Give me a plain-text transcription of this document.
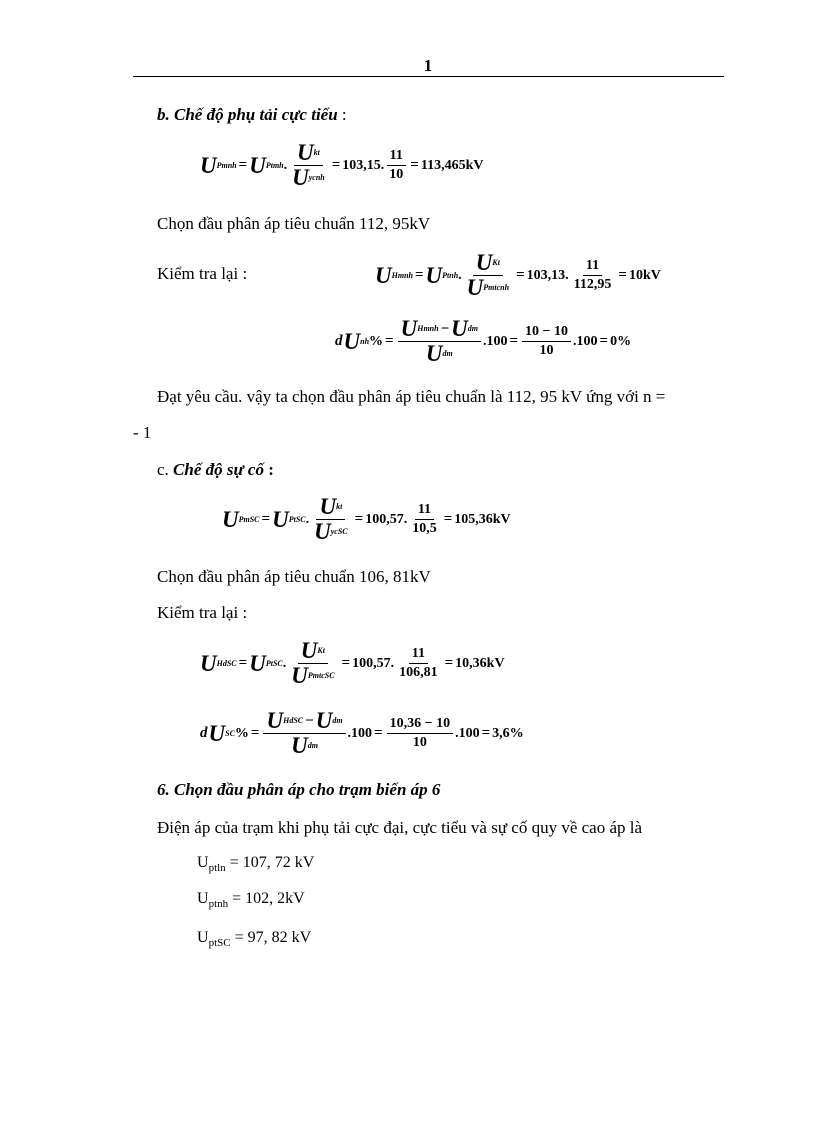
1
b. Chế độ phụ tải cực tiểu :
U Pmnh = U Ptmh . $\frac{\text{U kt}}{\text{U ycnh}} = 103,15$. $\frac{11}{10} = 113,465kV$
Chọn đầu phân áp tiêu chuẩn 112, 95kV
Kiểm tra lại :	U Hmnh = U Ptnh . $\frac{\text{U Kt}}{\text{U Pmtcnh}} = 103,13$. $\frac{11}{112,95} = 10kV$
d U nh % = $\frac{\text{U Hmnh − U dm}}{\text{U dm}} .100 = \frac{10 - 10}{10} .100 = 0\%$
Đạt yêu cầu. vậy ta chọn đầu phân áp tiêu chuẩn là 112, 95 kV ứng với n =
- 1
c. Chế độ sự cố :
U PmSC = U PtSC . $\frac{\text{U kt}}{\text{U ycSC}} = 100,57$. $\frac{11}{10,5} = 105,36kV$
Chọn đầu phân áp tiêu chuẩn 106, 81kV
Kiểm tra lại :
U HdSC = U PtSC . $\frac{\text{U Kt}}{\text{U PmtcSC}} = 100,57$. $\frac{11}{106,81} = 10,36kV$
d U SC % = $\frac{\text{U HdSC − U dm}}{\text{U dm}} .100 = \frac{10,36 - 10}{10} .100 = 3,6\%$
6. Chọn đầu phân áp cho trạm biến áp 6
Điện áp của trạm khi phụ tải cực đại, cực tiểu và sự cố quy về cao áp là
$U_{ptln} = 107$, 72 kV
$U_{ptnh} = 102$, 2kV
$U_{ptSC} = 97$, 82 kV
